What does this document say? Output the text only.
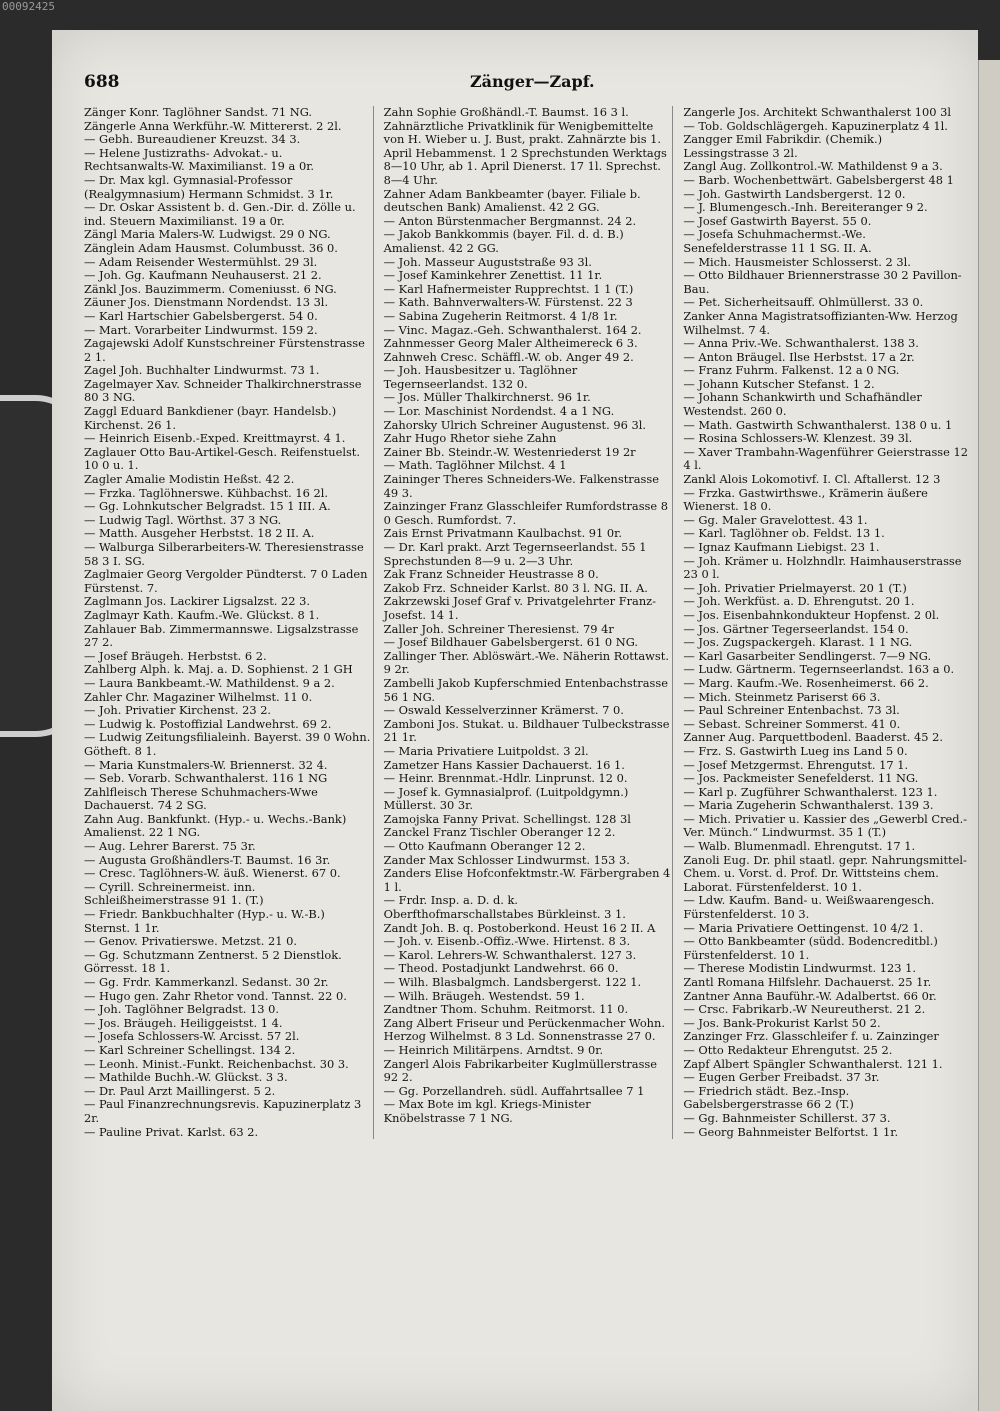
00092425
688	Zänger—Zapf.
Zänger Konr. Taglöhner Sandst. 71 NG.
Zängerle Anna Werkführ.-W. Mittererst. 2 2l.
— Gebh. Bureaudiener Kreuzst. 34 3.
— Helene Justizraths- Advokat.- u. Rechtsanwalts-W. Maximilianst. 19 a 0r.
— Dr. Max kgl. Gymnasial-Professor (Realgymnasium) Hermann Schmidst. 3 1r.
— Dr. Oskar Assistent b. d. Gen.-Dir. d. Zölle u. ind. Steuern Maximilianst. 19 a 0r.
Zängl Maria Malers-W. Ludwigst. 29 0 NG.
Zänglein Adam Hausmst. Columbusst. 36 0.
— Adam Reisender Westermühlst. 29 3l.
— Joh. Gg. Kaufmann Neuhauserst. 21 2.
Zänkl Jos. Bauzimmerm. Comeniusst. 6 NG.
Zäuner Jos. Dienstmann Nordendst. 13 3l.
— Karl Hartschier Gabelsbergerst. 54 0.
— Mart. Vorarbeiter Lindwurmst. 159 2.
Zagajewski Adolf Kunstschreiner Fürstenstrasse 2 1.
Zagel Joh. Buchhalter Lindwurmst. 73 1.
Zagelmayer Xav. Schneider Thalkirchnerstrasse 80 3 NG.
Zaggl Eduard Bankdiener (bayr. Handelsb.) Kirchenst. 26 1.
— Heinrich Eisenb.-Exped. Kreittmayrst. 4 1.
Zaglauer Otto Bau-Artikel-Gesch. Reifenstuelst. 10 0 u. 1.
Zagler Amalie Modistin Heßst. 42 2.
— Frzka. Taglöhnerswe. Kühbachst. 16 2l.
— Gg. Lohnkutscher Belgradst. 15 1 III. A.
— Ludwig Tagl. Wörthst. 37 3 NG.
— Matth. Ausgeher Herbstst. 18 2 II. A.
— Walburga Silberarbeiters-W. Theresienstrasse 58 3 I. SG.
Zaglmaier Georg Vergolder Pündterst. 7 0 Laden Fürstenst. 7.
Zaglmann Jos. Lackirer Ligsalzst. 22 3.
Zaglmayr Kath. Kaufm.-We. Glückst. 8 1.
Zahlauer Bab. Zimmermannswe. Ligsalzstrasse 27 2.
— Josef Bräugeh. Herbstst. 6 2.
Zahlberg Alph. k. Maj. a. D. Sophienst. 2 1 GH
— Laura Bankbeamt.-W. Mathildenst. 9 a 2.
Zahler Chr. Magaziner Wilhelmst. 11 0.
— Joh. Privatier Kirchenst. 23 2.
— Ludwig k. Postoffizial Landwehrst. 69 2.
— Ludwig Zeitungsfilialeinh. Bayerst. 39 0 Wohn. Götheft. 8 1.
— Maria Kunstmalers-W. Briennerst. 32 4.
— Seb. Vorarb. Schwanthalerst. 116 1 NG
Zahlfleisch Therese Schuhmachers-Wwe Dachauerst. 74 2 SG.
Zahn Aug. Bankfunkt. (Hyp.- u. Wechs.-Bank) Amalienst. 22 1 NG.
— Aug. Lehrer Barerst. 75 3r.
— Augusta Großhändlers-T. Baumst. 16 3r.
— Cresc. Taglöhners-W. äuß. Wienerst. 67 0.
— Cyrill. Schreinermeist. inn. Schleißheimerstrasse 91 1. (T.)
— Friedr. Bankbuchhalter (Hyp.- u. W.-B.) Sternst. 1 1r.
— Genov. Privatierswe. Metzst. 21 0.
— Gg. Schutzmann Zentnerst. 5 2 Dienstlok. Görresst. 18 1.
— Gg. Frdr. Kammerkanzl. Sedanst. 30 2r.
— Hugo gen. Zahr Rhetor vond. Tannst. 22 0.
— Joh. Taglöhner Belgradst. 13 0.
— Jos. Bräugeh. Heiliggeistst. 1 4.
— Josefa Schlossers-W. Arcisst. 57 2l.
— Karl Schreiner Schellingst. 134 2.
— Leonh. Minist.-Funkt. Reichenbachst. 30 3.
— Mathilde Buchh.-W. Glückst. 3 3.
— Dr. Paul Arzt Maillingerst. 5 2.
— Paul Finanzrechnungsrevis. Kapuzinerplatz 3 2r.
— Pauline Privat. Karlst. 63 2.
Zahn Sophie Großhändl.-T. Baumst. 16 3 l.
Zahnärztliche Privatklinik für Wenigbemittelte von H. Wieber u. J. Bust, prakt. Zahnärzte bis 1. April Hebammenst. 1 2 Sprechstunden Werktags 8—10 Uhr, ab 1. April Dienerst. 17 1l. Sprechst. 8—4 Uhr.
Zahner Adam Bankbeamter (bayer. Filiale b. deutschen Bank) Amalienst. 42 2 GG.
— Anton Bürstenmacher Bergmannst. 24 2.
— Jakob Bankkommis (bayer. Fil. d. d. B.) Amalienst. 42 2 GG.
— Joh. Masseur Auguststraße 93 3l.
— Josef Kaminkehrer Zenettist. 11 1r.
— Karl Hafnermeister Rupprechtst. 1 1 (T.)
— Kath. Bahnverwalters-W. Fürstenst. 22 3
— Sabina Zugeherin Reitmorst. 4 1/8 1r.
— Vinc. Magaz.-Geh. Schwanthalerst. 164 2.
Zahnmesser Georg Maler Altheimereck 6 3.
Zahnweh Cresc. Schäffl.-W. ob. Anger 49 2.
— Joh. Hausbesitzer u. Taglöhner Tegernseerlandst. 132 0.
— Jos. Müller Thalkirchnerst. 96 1r.
— Lor. Maschinist Nordendst. 4 a 1 NG.
Zahorsky Ulrich Schreiner Augustenst. 96 3l.
Zahr Hugo Rhetor siehe Zahn
Zainer Bb. Steindr.-W. Westenriederst 19 2r
— Math. Taglöhner Milchst. 4 1
Zaininger Theres Schneiders-We. Falkenstrasse 49 3.
Zainzinger Franz Glasschleifer Rumfordstrasse 8 0 Gesch. Rumfordst. 7.
Zais Ernst Privatmann Kaulbachst. 91 0r.
— Dr. Karl prakt. Arzt Tegernseerlandst. 55 1 Sprechstunden 8—9 u. 2—3 Uhr.
Zak Franz Schneider Heustrasse 8 0.
Zakob Frz. Schneider Karlst. 80 3 l. NG. II. A.
Zakrzewski Josef Graf v. Privatgelehrter Franz-Josefst. 14 1.
Zaller Joh. Schreiner Theresienst. 79 4r
— Josef Bildhauer Gabelsbergerst. 61 0 NG.
Zallinger Ther. Ablöswärt.-We. Näherin Rottawst. 9 2r.
Zambelli Jakob Kupferschmied Entenbachstrasse 56 1 NG.
— Oswald Kesselverzinner Krämerst. 7 0.
Zamboni Jos. Stukat. u. Bildhauer Tulbeckstrasse 21 1r.
— Maria Privatiere Luitpoldst. 3 2l.
Zametzer Hans Kassier Dachauerst. 16 1.
— Heinr. Brennmat.-Hdlr. Linprunst. 12 0.
— Josef k. Gymnasialprof. (Luitpoldgymn.) Müllerst. 30 3r.
Zamojska Fanny Privat. Schellingst. 128 3l
Zanckel Franz Tischler Oberanger 12 2.
— Otto Kaufmann Oberanger 12 2.
Zander Max Schlosser Lindwurmst. 153 3.
Zanders Elise Hofconfektmstr.-W. Färbergraben 4 1 l.
— Frdr. Insp. a. D. d. k. Oberfthofmarschallstabes Bürkleinst. 3 1.
Zandt Joh. B. q. Postoberkond. Heust 16 2 II. A
— Joh. v. Eisenb.-Offiz.-Wwe. Hirtenst. 8 3.
— Karol. Lehrers-W. Schwanthalerst. 127 3.
— Theod. Postadjunkt Landwehrst. 66 0.
— Wilh. Blasbalgmch. Landsbergerst. 122 1.
— Wilh. Bräugeh. Westendst. 59 1.
Zandtner Thom. Schuhm. Reitmorst. 11 0.
Zang Albert Friseur und Perückenmacher Wohn. Herzog Wilhelmst. 8 3 Ld. Sonnenstrasse 27 0.
— Heinrich Militärpens. Arndtst. 9 0r.
Zangerl Alois Fabrikarbeiter Kuglmüllerstrasse 92 2.
— Gg. Porzellandreh. südl. Auffahrtsallee 7 1
— Max Bote im kgl. Kriegs-Minister Knöbelstrasse 7 1 NG.
Zangerle Jos. Architekt Schwanthalerst 100 3l
— Tob. Goldschlägergeh. Kapuzinerplatz 4 1l.
Zangger Emil Fabrikdir. (Chemik.) Lessingstrasse 3 2l.
Zangl Aug. Zollkontrol.-W. Mathildenst 9 a 3.
— Barb. Wochenbettwärt. Gabelsbergerst 48 1
— Joh. Gastwirth Landsbergerst. 12 0.
— J. Blumengesch.-Inh. Bereiteranger 9 2.
— Josef Gastwirth Bayerst. 55 0.
— Josefa Schuhmachermst.-We. Senefelderstrasse 11 1 SG. II. A.
— Mich. Hausmeister Schlosserst. 2 3l.
— Otto Bildhauer Briennerstrasse 30 2 Pavillon-Bau.
— Pet. Sicherheitsauff. Ohlmüllerst. 33 0.
Zanker Anna Magistratsoffizianten-Ww. Herzog Wilhelmst. 7 4.
— Anna Priv.-We. Schwanthalerst. 138 3.
— Anton Bräugel. Ilse Herbstst. 17 a 2r.
— Franz Fuhrm. Falkenst. 12 a 0 NG.
— Johann Kutscher Stefanst. 1 2.
— Johann Schankwirth und Schafhändler Westendst. 260 0.
— Math. Gastwirth Schwanthalerst. 138 0 u. 1
— Rosina Schlossers-W. Klenzest. 39 3l.
— Xaver Trambahn-Wagenführer Geierstrasse 12 4 l.
Zankl Alois Lokomotivf. I. Cl. Aftallerst. 12 3
— Frzka. Gastwirthswe., Krämerin äußere Wienerst. 18 0.
— Gg. Maler Gravelottest. 43 1.
— Karl. Taglöhner ob. Feldst. 13 1.
— Ignaz Kaufmann Liebigst. 23 1.
— Joh. Krämer u. Holzhndlr. Haimhauserstrasse 23 0 l.
— Joh. Privatier Prielmayerst. 20 1 (T.)
— Joh. Werkfüst. a. D. Ehrengutst. 20 1.
— Jos. Eisenbahnkondukteur Hopfenst. 2 0l.
— Jos. Gärtner Tegerseerlandst. 154 0.
— Jos. Zugspackergeh. Klarast. 1 1 NG.
— Karl Gasarbeiter Sendlingerst. 7—9 NG.
— Ludw. Gärtnerm. Tegernseerlandst. 163 a 0.
— Marg. Kaufm.-We. Rosenheimerst. 66 2.
— Mich. Steinmetz Pariserst 66 3.
— Paul Schreiner Entenbachst. 73 3l.
— Sebast. Schreiner Sommerst. 41 0.
Zanner Aug. Parquettbodenl. Baaderst. 45 2.
— Frz. S. Gastwirth Lueg ins Land 5 0.
— Josef Metzgermst. Ehrengutst. 17 1.
— Jos. Packmeister Senefelderst. 11 NG.
— Karl p. Zugführer Schwanthalerst. 123 1.
— Maria Zugeherin Schwanthalerst. 139 3.
— Mich. Privatier u. Kassier des „Gewerbl Cred.-Ver. Münch.“ Lindwurmst. 35 1 (T.)
— Walb. Blumenmadl. Ehrengutst. 17 1.
Zanoli Eug. Dr. phil staatl. gepr. Nahrungsmittel-Chem. u. Vorst. d. Prof. Dr. Wittsteins chem. Laborat. Fürstenfelderst. 10 1.
— Ldw. Kaufm. Band- u. Weißwaarengesch. Fürstenfelderst. 10 3.
— Maria Privatiere Oettingenst. 10 4/2 1.
— Otto Bankbeamter (südd. Bodencreditbl.) Fürstenfelderst. 10 1.
— Therese Modistin Lindwurmst. 123 1.
Zantl Romana Hilfslehr. Dachauerst. 25 1r.
Zantner Anna Bauführ.-W. Adalbertst. 66 0r.
— Crsc. Fabrikarb.-W Neureutherst. 21 2.
— Jos. Bank-Prokurist Karlst 50 2.
Zanzinger Frz. Glasschleifer f. u. Zainzinger
— Otto Redakteur Ehrengutst. 25 2.
Zapf Albert Spängler Schwanthalerst. 121 1.
— Eugen Gerber Freibadst. 37 3r.
— Friedrich städt. Bez.-Insp. Gabelsbergerstrasse 66 2 (T.)
— Gg. Bahnmeister Schillerst. 37 3.
— Georg Bahnmeister Belfortst. 1 1r.
